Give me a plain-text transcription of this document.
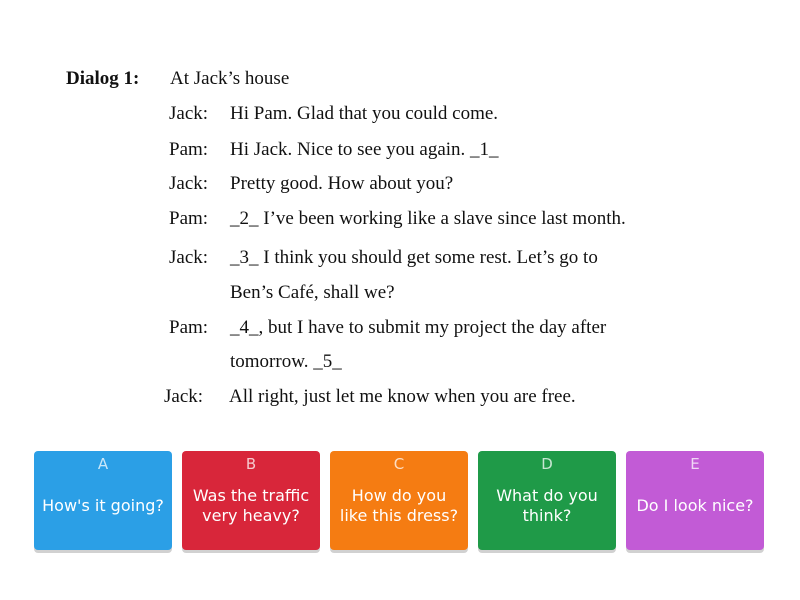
Dialog 1: At Jack’s house
Jack: Hi Pam. Glad that you could come.
Pam: Hi Jack. Nice to see you again. _1_
Jack: Pretty good. How about you?
Pam: _2_ I’ve been working like a slave since last month.
Jack: _3_ I think you should get some rest. Let’s go to
Ben’s Café, shall we?
Pam: _4_, but I have to submit my project the day after
tomorrow. _5_
Jack: All right, just let me know when you are free.
A
How's it going?
B
Was the traffic very heavy?
C
How do you like this dress?
D
What do you think?
E
Do I look nice?
